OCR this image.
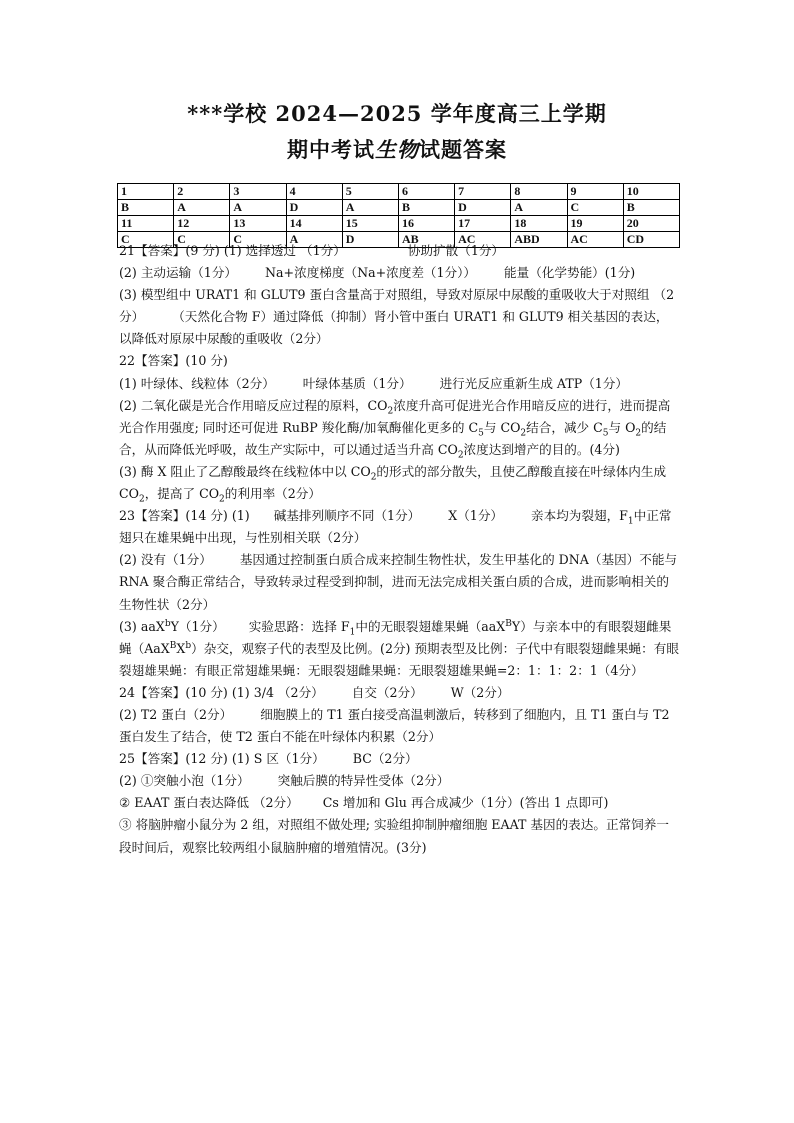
***学校 2024—2025 学年度高三上学期
期中考试生物试题答案
1	2	3	4	5	6	7	8	9	10
B	A	A	D	A	B	D	A	C	B
11	12	13	14	15	16	17	18	19	20
C	C	C	A	D	AB	AC	ABD	AC	CD

21【答案】(9 分) (1) 选择透过 （1分）	协助扩散（1分）

(2) 主动运输（1分） Na+浓度梯度（Na+浓度差（1分）） 能量（化学势能）(1分)

(3) 模型组中 URAT1 和 GLUT9 蛋白含量高于对照组，导致对原尿中尿酸的重吸收大于对照组 （2分） （天然化合物 F）通过降低（抑制）肾小管中蛋白 URAT1 和 GLUT9 相关基因的表达，以降低对原尿中尿酸的重吸收（2分）

22【答案】(10 分)

(1) 叶绿体、线粒体（2分） 叶绿体基质（1分） 进行光反应重新生成 ATP（1分）

(2) 二氧化碳是光合作用暗反应过程的原料，$CO_2$浓度升高可促进光合作用暗反应的进行，进而提高光合作用强度; 同时还可促进 RuBP 羧化酶/加氧酶催化更多的 $C_5$与 $CO_2$结合，减少 $C_5$与 $O_2$的结合，从而降低光呼吸，故生产实际中，可以通过适当升高 $CO_2$浓度达到增产的目的。(4分)

(3) 酶 X 阻止了乙醇酸最终在线粒体中以 $CO_2$的形式的部分散失，且使乙醇酸直接在叶绿体内生成 $CO_2$，提高了 $CO_2$的利用率（2分）

23【答案】(14 分) (1) 碱基排列顺序不同（1分） X（1分） 亲本均为裂翅，$F_1$中正常翅只在雄果蝇中出现，与性别相关联（2分）

(2) 没有（1分） 基因通过控制蛋白质合成来控制生物性状，发生甲基化的 DNA（基因）不能与 RNA 聚合酶正常结合，导致转录过程受到抑制，进而无法完成相关蛋白质的合成，进而影响相关的生物性状（2分）

(3) aaX$^b$Y（1分） 实验思路：选择 $F_1$中的无眼裂翅雄果蝇（aaX$^B$Y）与亲本中的有眼裂翅雌果蝇$(AaX^BX^b)$杂交，观察子代的表型及比例。(2分) 预期表型及比例：子代中有眼裂翅雌果蝇：有眼裂翅雄果蝇：有眼正常翅雄果蝇：无眼裂翅雌果蝇：无眼裂翅雄果蝇=2：1：1：2：1（4分）

24【答案】(10 分) (1) 3/4 （2分） 自交（2分） W（2分）

(2) T2 蛋白（2分） 细胞膜上的 T1 蛋白接受高温刺激后，转移到了细胞内，且 T1 蛋白与 T2 蛋白发生了结合，使 T2 蛋白不能在叶绿体内积累（2分）

25【答案】(12 分) (1) S 区（1分） BC（2分）

(2) ①突触小泡（1分） 突触后膜的特异性受体（2分）

② EAAT 蛋白表达降低 （2分） Cs 增加和 Glu 再合成减少（1分）(答出 1 点即可)

③ 将脑肿瘤小鼠分为 2 组，对照组不做处理; 实验组抑制肿瘤细胞 EAAT 基因的表达。正常饲养一段时间后，观察比较两组小鼠脑肿瘤的增殖情况。(3分)
